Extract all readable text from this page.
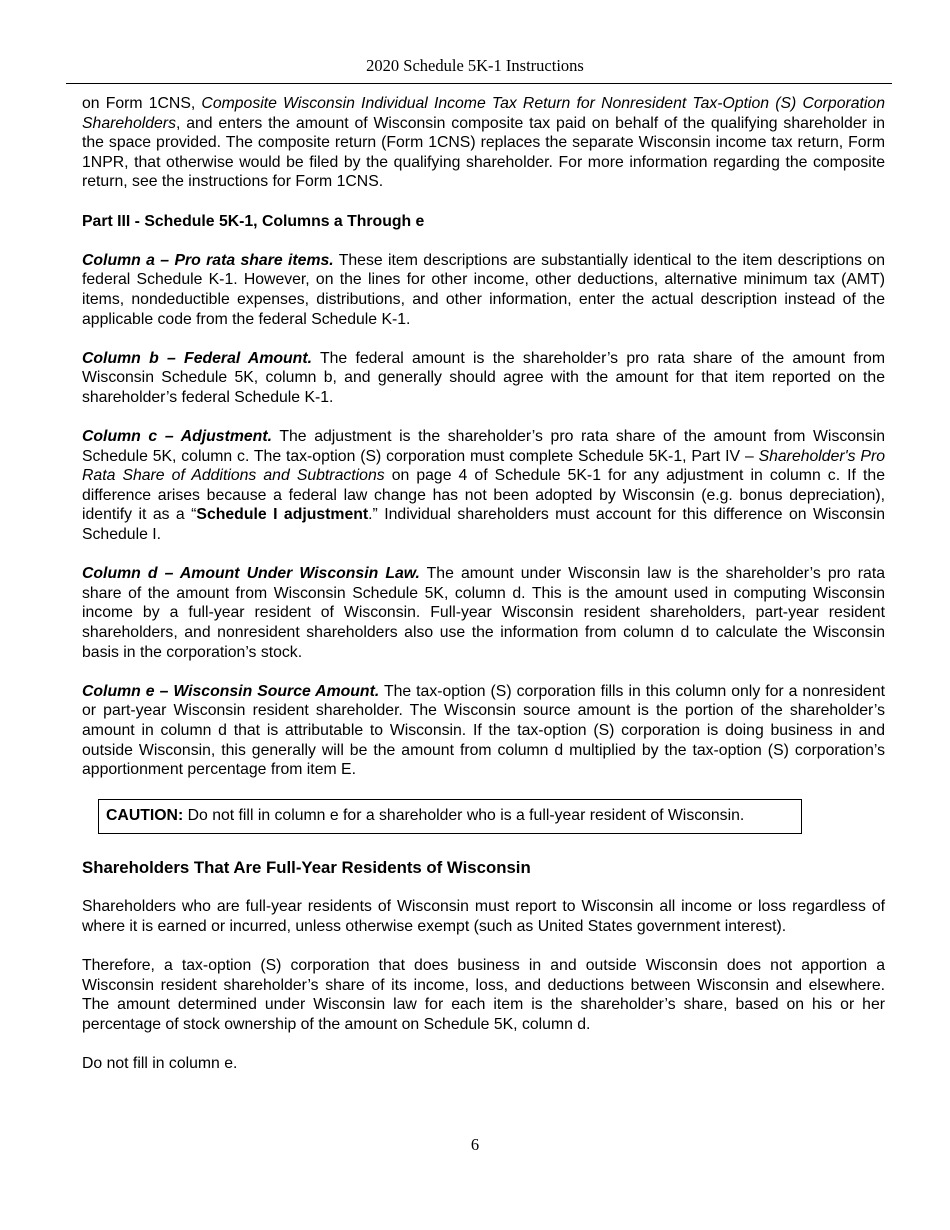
2020 Schedule 5K-1 Instructions

on Form 1CNS, Composite Wisconsin Individual Income Tax Return for Nonresident Tax-Option (S) Corporation Shareholders, and enters the amount of Wisconsin composite tax paid on behalf of the qualifying shareholder in the space provided. The composite return (Form 1CNS) replaces the separate Wisconsin income tax return, Form 1NPR, that otherwise would be filed by the qualifying shareholder. For more information regarding the composite return, see the instructions for Form 1CNS.

Part III - Schedule 5K-1, Columns a Through e

Column a – Pro rata share items. These item descriptions are substantially identical to the item descriptions on federal Schedule K-1. However, on the lines for other income, other deductions, alternative minimum tax (AMT) items, nondeductible expenses, distributions, and other information, enter the actual description instead of the applicable code from the federal Schedule K-1.

Column b – Federal Amount. The federal amount is the shareholder’s pro rata share of the amount from Wisconsin Schedule 5K, column b, and generally should agree with the amount for that item reported on the shareholder’s federal Schedule K-1.

Column c – Adjustment. The adjustment is the shareholder’s pro rata share of the amount from Wisconsin Schedule 5K, column c. The tax-option (S) corporation must complete Schedule 5K-1, Part IV – Shareholder's Pro Rata Share of Additions and Subtractions on page 4 of Schedule 5K-1 for any adjustment in column c. If the difference arises because a federal law change has not been adopted by Wisconsin (e.g. bonus depreciation), identify it as a “Schedule I adjustment.” Individual shareholders must account for this difference on Wisconsin Schedule I.

Column d – Amount Under Wisconsin Law. The amount under Wisconsin law is the shareholder’s pro rata share of the amount from Wisconsin Schedule 5K, column d. This is the amount used in computing Wisconsin income by a full-year resident of Wisconsin. Full-year Wisconsin resident shareholders, part-year resident shareholders, and nonresident shareholders also use the information from column d to calculate the Wisconsin basis in the corporation’s stock.

Column e – Wisconsin Source Amount. The tax-option (S) corporation fills in this column only for a nonresident or part-year Wisconsin resident shareholder. The Wisconsin source amount is the portion of the shareholder’s amount in column d that is attributable to Wisconsin. If the tax-option (S) corporation is doing business in and outside Wisconsin, this generally will be the amount from column d multiplied by the tax-option (S) corporation’s apportionment percentage from item E.

CAUTION: Do not fill in column e for a shareholder who is a full-year resident of Wisconsin.

Shareholders That Are Full-Year Residents of Wisconsin

Shareholders who are full-year residents of Wisconsin must report to Wisconsin all income or loss regardless of where it is earned or incurred, unless otherwise exempt (such as United States government interest).

Therefore, a tax-option (S) corporation that does business in and outside Wisconsin does not apportion a Wisconsin resident shareholder’s share of its income, loss, and deductions between Wisconsin and elsewhere. The amount determined under Wisconsin law for each item is the shareholder’s share, based on his or her percentage of stock ownership of the amount on Schedule 5K, column d.

Do not fill in column e.

6
